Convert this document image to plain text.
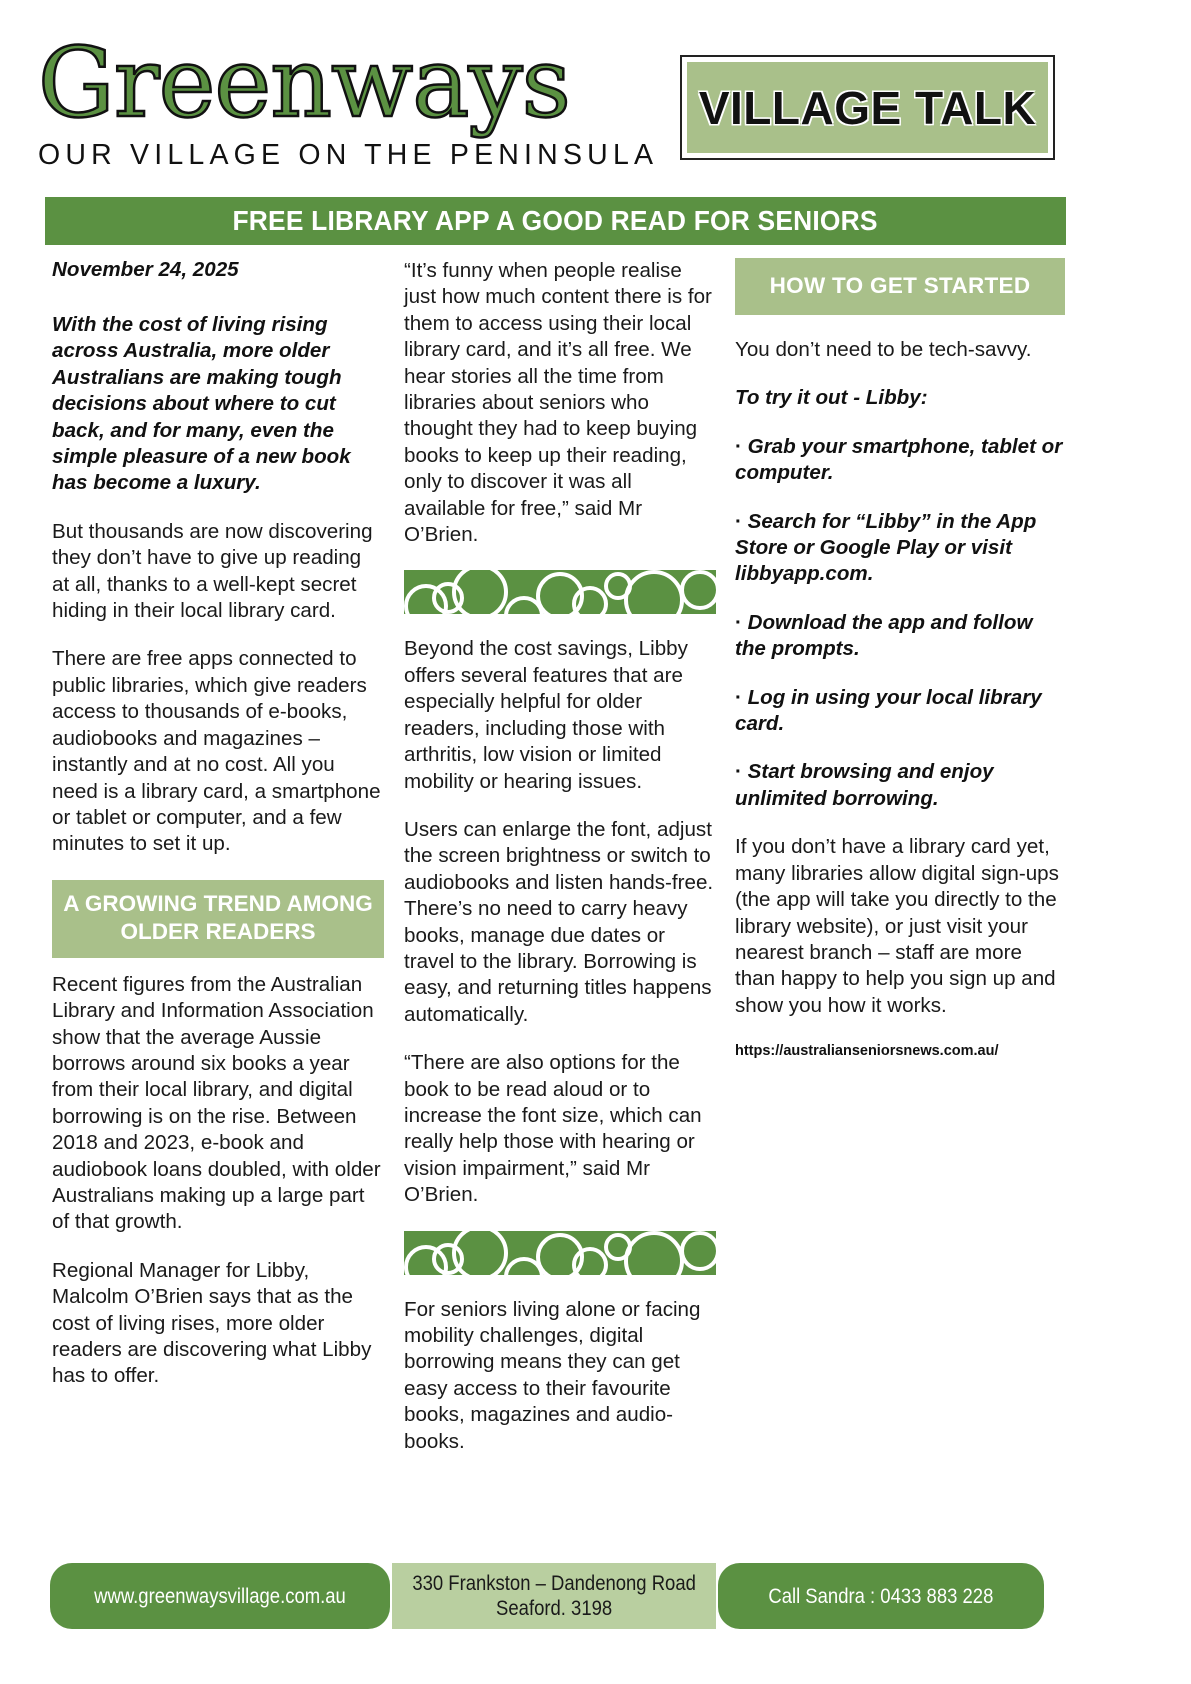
Greenways
OUR VILLAGE ON THE PENINSULA
VILLAGE TALK
FREE LIBRARY APP A GOOD READ FOR SENIORS
November 24, 2025

With the cost of living rising across Australia, more older Australians are making tough decisions about where to cut back, and for many, even the simple pleasure of a new book has become a luxury.

But thousands are now discovering they don’t have to give up reading at all, thanks to a well-kept secret hiding in their local library card.

There are free apps connected to public libraries, which give readers access to thousands of e-books, audiobooks and magazines – instantly and at no cost. All you need is a library card, a smartphone or tablet or computer, and a few minutes to set it up.

A GROWING TREND AMONG OLDER READERS

Recent figures from the Australian Library and Information Association show that the average Aussie borrows around six books a year from their local library, and digital borrowing is on the rise. Between 2018 and 2023, e-book and audiobook loans doubled, with older Australians making up a large part of that growth.

Regional Manager for Libby, Malcolm O’Brien says that as the cost of living rises, more older readers are discovering what Libby has to offer.

“It’s funny when people realise just how much content there is for them to access using their local library card, and it’s all free. We hear stories all the time from libraries about seniors who thought they had to keep buying books to keep up their reading, only to discover it was all available for free,” said Mr O’Brien.

Beyond the cost savings, Libby offers several features that are especially helpful for older readers, including those with arthritis, low vision or limited mobility or hearing issues.

Users can enlarge the font, adjust the screen brightness or switch to audiobooks and listen hands-free. There’s no need to carry heavy books, manage due dates or travel to the library. Borrowing is easy, and returning titles happens automatically.

“There are also options for the book to be read aloud or to increase the font size, which can really help those with hearing or vision impairment,” said Mr O’Brien.

For seniors living alone or facing mobility challenges, digital borrowing means they can get easy access to their favourite books, magazines and audio-books.

HOW TO GET STARTED

You don’t need to be tech-savvy.

To try it out - Libby:

· Grab your smartphone, tablet or computer.

· Search for “Libby” in the App Store or Google Play or visit libbyapp.com.

· Download the app and follow the prompts.

· Log in using your local library card.

· Start browsing and enjoy unlimited borrowing.

If you don’t have a library card yet, many libraries allow digital sign-ups (the app will take you directly to the library website), or just visit your nearest branch – staff are more than happy to help you sign up and show you how it works.

https://australianseniorsnews.com.au/

www.greenwaysvillage.com.au
330 Frankston – Dandenong Road
Seaford. 3198
Call Sandra : 0433 883 228
